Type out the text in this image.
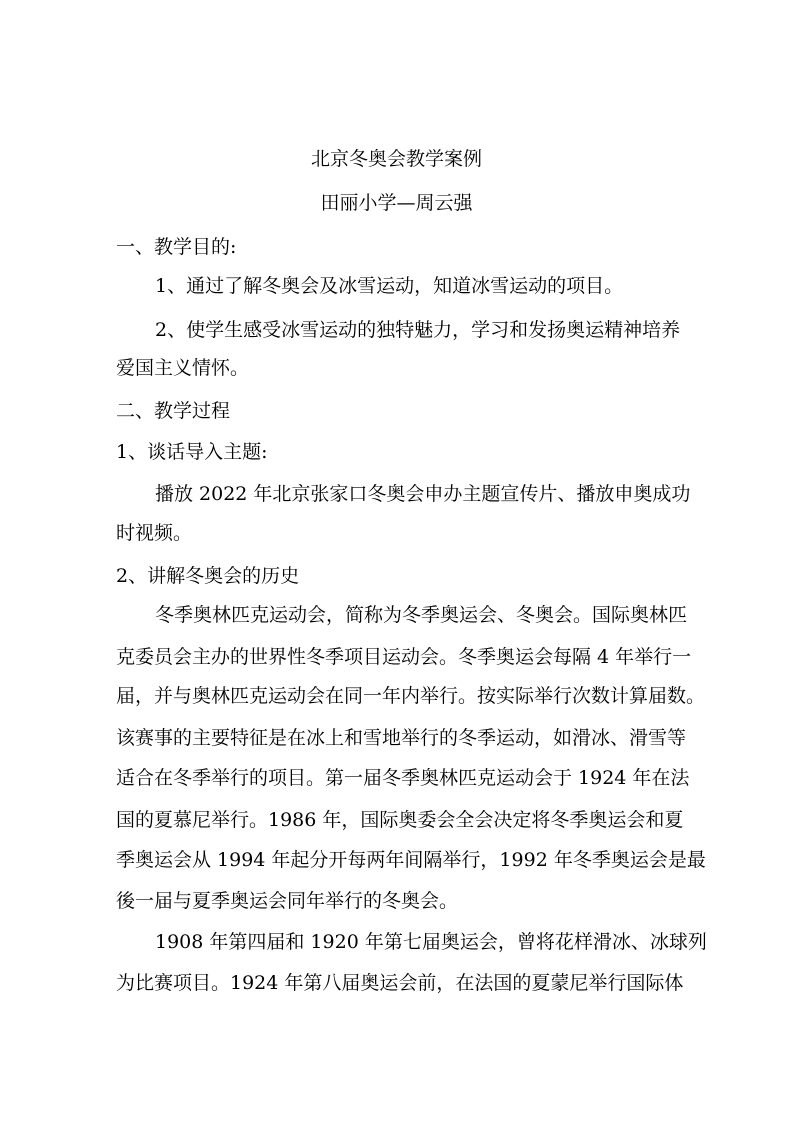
北京冬奥会教学案例
田丽小学—周云强
一、教学目的:
1、通过了解冬奥会及冰雪运动，知道冰雪运动的项目。
2、使学生感受冰雪运动的独特魅力，学习和发扬奥运精神培养
爱国主义情怀。
二、教学过程
1、谈话导入主题:
播放 2022 年北京张家口冬奥会申办主题宣传片、播放申奥成功
时视频。
2、讲解冬奥会的历史
冬季奥林匹克运动会，简称为冬季奥运会、冬奥会。国际奥林匹
克委员会主办的世界性冬季项目运动会。冬季奥运会每隔 4 年举行一
届，并与奥林匹克运动会在同一年内举行。按实际举行次数计算届数。
该赛事的主要特征是在冰上和雪地举行的冬季运动，如滑冰、滑雪等
适合在冬季举行的项目。第一届冬季奥林匹克运动会于 1924 年在法
国的夏慕尼举行。1986 年，国际奥委会全会决定将冬季奥运会和夏
季奥运会从 1994 年起分开每两年间隔举行，1992 年冬季奥运会是最
後一届与夏季奥运会同年举行的冬奥会。
1908 年第四届和 1920 年第七届奥运会，曾将花样滑冰、冰球列
为比赛项目。1924 年第八届奥运会前，在法国的夏蒙尼举行国际体
